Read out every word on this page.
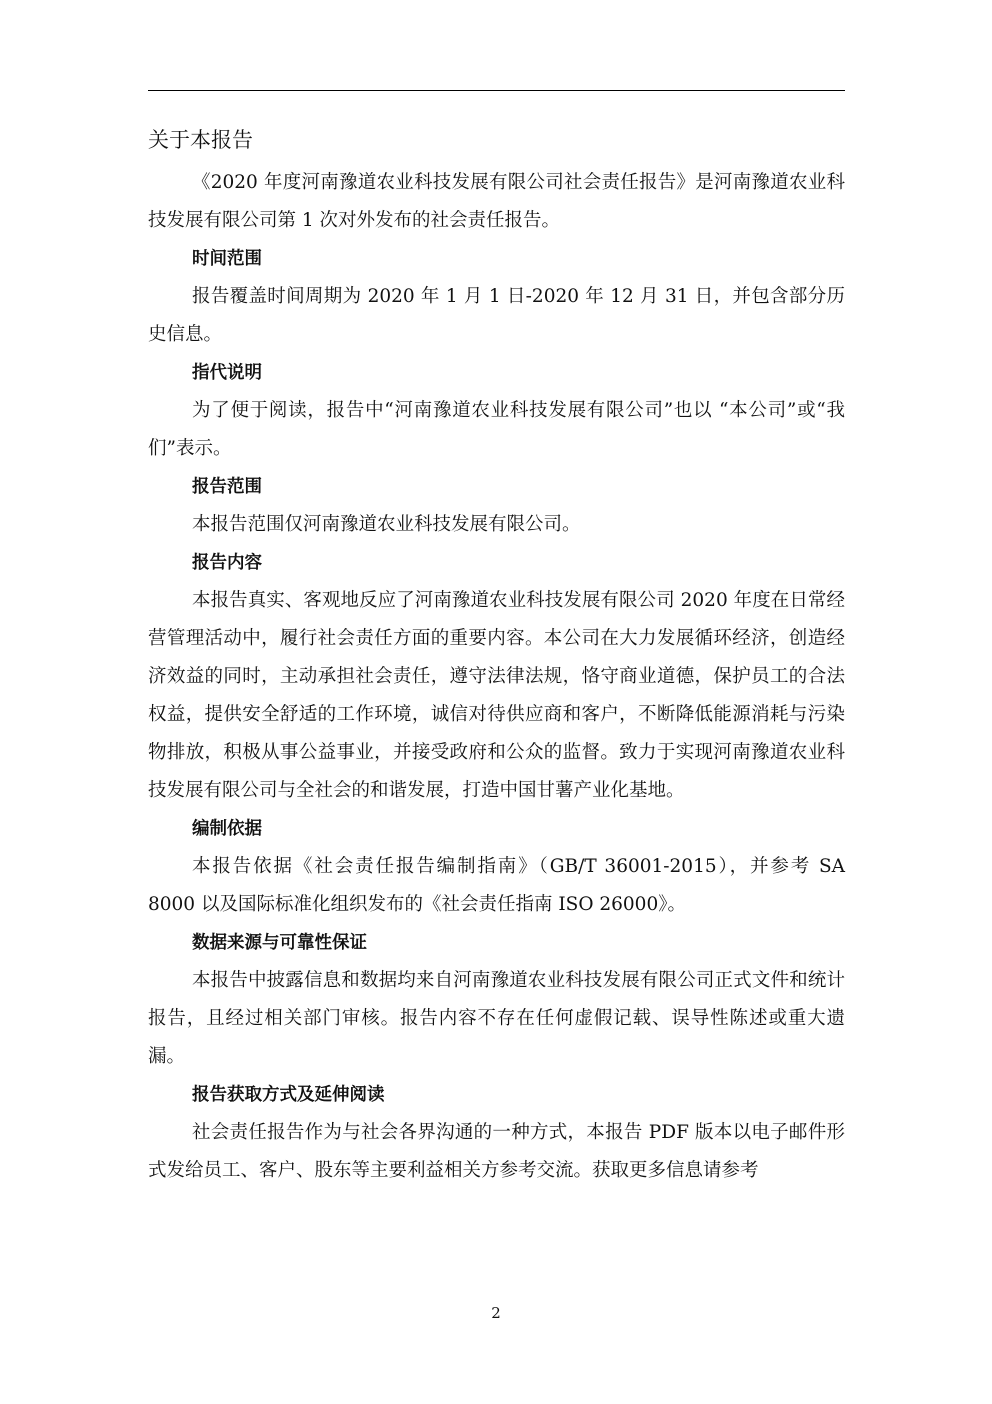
关于本报告

《2020 年度河南豫道农业科技发展有限公司社会责任报告》是河南豫道农业科技发展有限公司第 1 次对外发布的社会责任报告。

时间范围

报告覆盖时间周期为 2020 年 1 月 1 日-2020 年 12 月 31 日，并包含部分历史信息。

指代说明

为了便于阅读，报告中“河南豫道农业科技发展有限公司”也以 “本公司”或“我们”表示。

报告范围

本报告范围仅河南豫道农业科技发展有限公司。

报告内容

本报告真实、客观地反应了河南豫道农业科技发展有限公司 2020 年度在日常经营管理活动中，履行社会责任方面的重要内容。本公司在大力发展循环经济，创造经济效益的同时，主动承担社会责任，遵守法律法规，恪守商业道德，保护员工的合法权益，提供安全舒适的工作环境，诚信对待供应商和客户，不断降低能源消耗与污染物排放，积极从事公益事业，并接受政府和公众的监督。致力于实现河南豫道农业科技发展有限公司与全社会的和谐发展，打造中国甘薯产业化基地。

编制依据

本报告依据《社会责任报告编制指南》（GB/T 36001-2015），并参考 SA 8000 以及国际标准化组织发布的《社会责任指南 ISO 26000》。

数据来源与可靠性保证

本报告中披露信息和数据均来自河南豫道农业科技发展有限公司正式文件和统计报告，且经过相关部门审核。报告内容不存在任何虚假记载、误导性陈述或重大遗漏。

报告获取方式及延伸阅读

社会责任报告作为与社会各界沟通的一种方式，本报告 PDF 版本以电子邮件形式发给员工、客户、股东等主要利益相关方参考交流。获取更多信息请参考

2
